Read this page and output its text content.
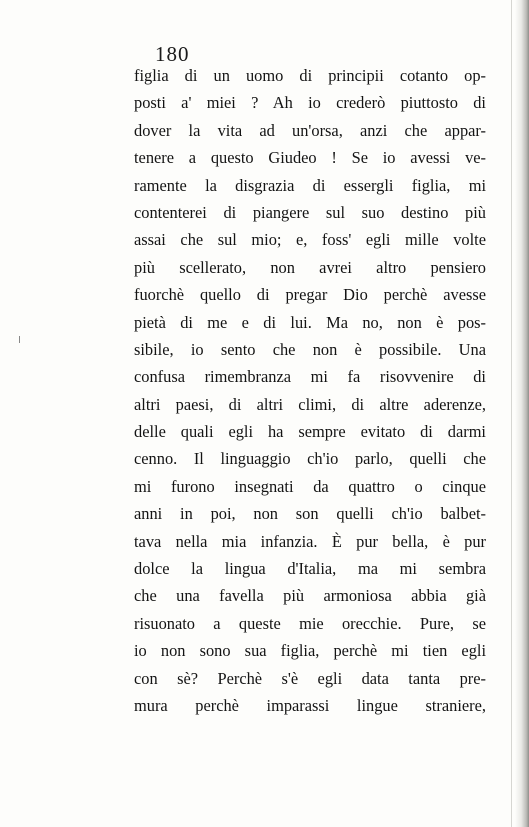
180

figlia di un uomo di principii cotanto op-
posti a' miei ? Ah io crederò piuttosto di
dover la vita ad un'orsa, anzi che appar-
tenere a questo Giudeo ! Se io avessi ve-
ramente la disgrazia di essergli figlia, mi
contenterei di piangere sul suo destino più
assai che sul mio; e, foss' egli mille volte
più scellerato, non avrei altro pensiero
fuorchè quello di pregar Dio perchè avesse
pietà di me e di lui. Ma no, non è pos-
sibile, io sento che non è possibile. Una
confusa rimembranza mi fa risovvenire di
altri paesi, di altri climi, di altre aderenze,
delle quali egli ha sempre evitato di darmi
cenno. Il linguaggio ch'io parlo, quelli che
mi furono insegnati da quattro o cinque
anni in poi, non son quelli ch'io balbet-
tava nella mia infanzia. È pur bella, è pur
dolce la lingua d'Italia, ma mi sembra
che una favella più armoniosa abbia già
risuonato a queste mie orecchie. Pure, se
io non sono sua figlia, perchè mi tien egli
con sè? Perchè s'è egli data tanta pre-
mura perchè imparassi lingue straniere,
